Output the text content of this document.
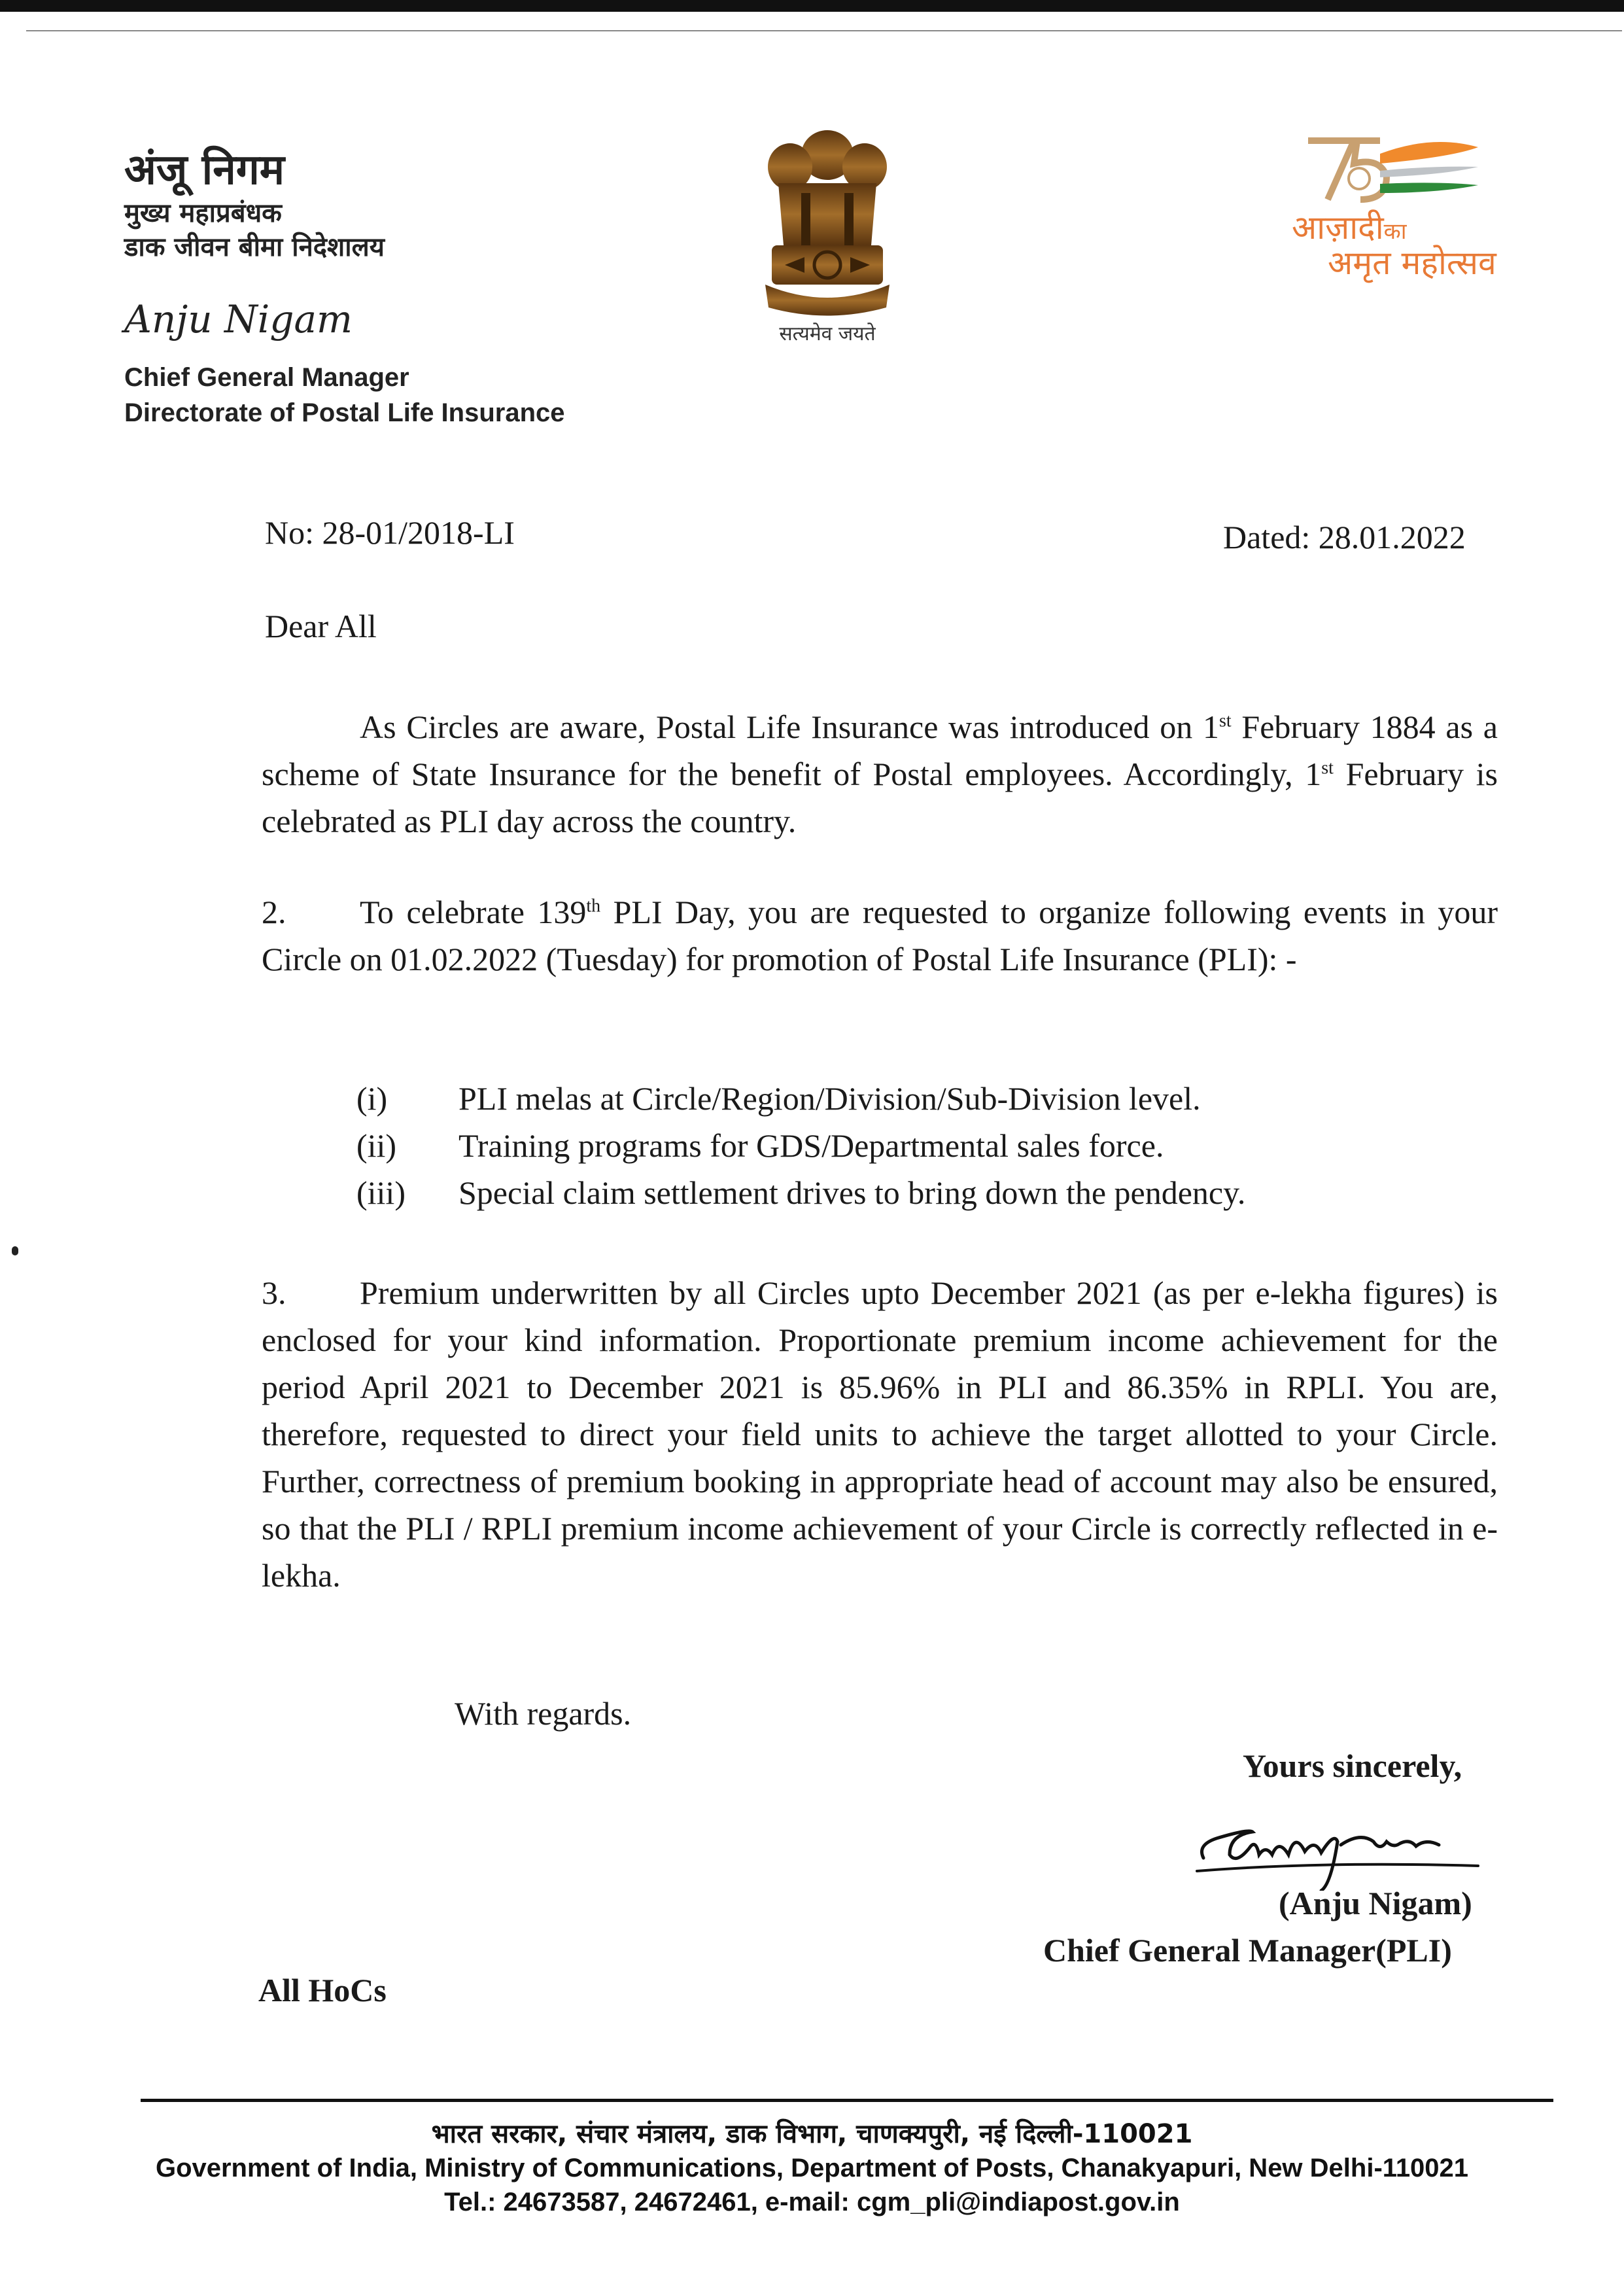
अंजू निगम
मुख्य महाप्रबंधक
डाक जीवन बीमा निदेशालय
Anju Nigam
Chief General Manager
Directorate of Postal Life Insurance
सत्यमेव जयते
आज़ादीका
अमृत महोत्सव
No: 28-01/2018-LI	Dated: 28.01.2022
Dear All
As Circles are aware, Postal Life Insurance was introduced on 1st February 1884 as a scheme of State Insurance for the benefit of Postal employees. Accordingly, 1st February is celebrated as PLI day across the country.
2. To celebrate 139th PLI Day, you are requested to organize following events in your Circle on 01.02.2022 (Tuesday) for promotion of Postal Life Insurance (PLI): -
(i)	PLI melas at Circle/Region/Division/Sub-Division level.
(ii)	Training programs for GDS/Departmental sales force.
(iii)	Special claim settlement drives to bring down the pendency.
3. Premium underwritten by all Circles upto December 2021 (as per e-lekha figures) is enclosed for your kind information. Proportionate premium income achievement for the period April 2021 to December 2021 is 85.96% in PLI and 86.35% in RPLI. You are, therefore, requested to direct your field units to achieve the target allotted to your Circle. Further, correctness of premium booking in appropriate head of account may also be ensured, so that the PLI / RPLI premium income achievement of your Circle is correctly reflected in e-lekha.
With regards.
Yours sincerely,
(Anju Nigam)
Chief General Manager(PLI)
All HoCs
भारत सरकार, संचार मंत्रालय, डाक विभाग, चाणक्यपुरी, नई दिल्ली-110021
Government of India, Ministry of Communications, Department of Posts, Chanakyapuri, New Delhi-110021
Tel.: 24673587, 24672461, e-mail: cgm_pli@indiapost.gov.in
